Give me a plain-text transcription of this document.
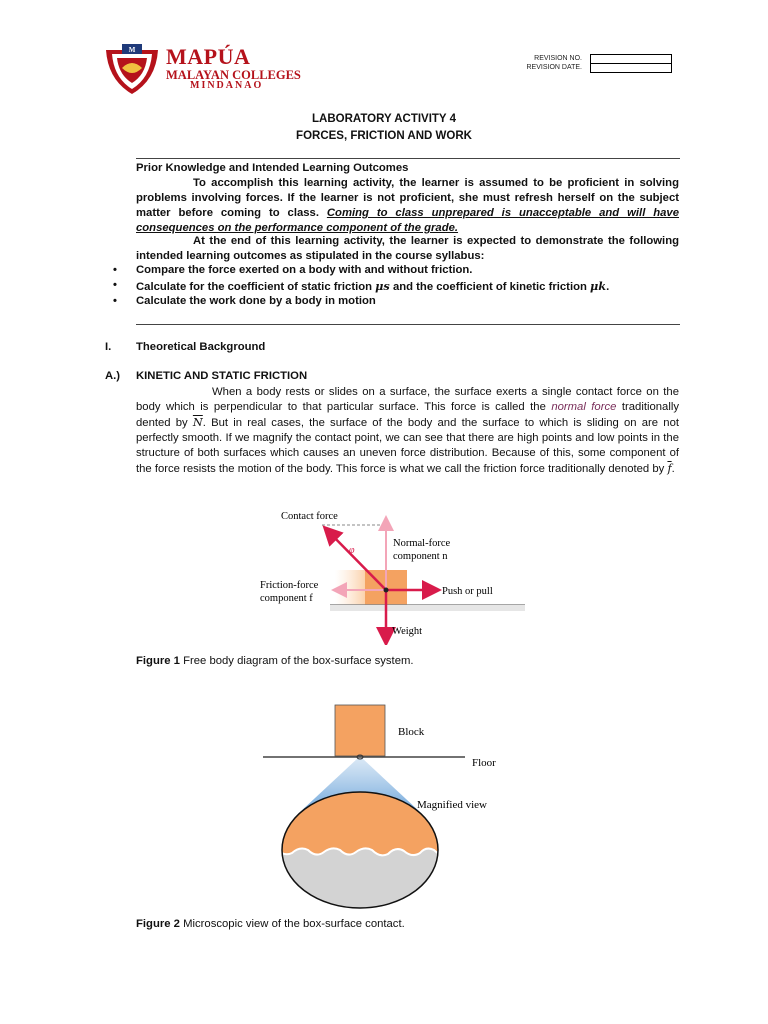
M
1925
MAPÚA
MALAYAN COLLEGES
MINDANAO
REVISION NO.
REVISION DATE.
LABORATORY ACTIVITY 4
FORCES, FRICTION AND WORK
Prior Knowledge and Intended Learning Outcomes
To accomplish this learning activity, the learner is assumed to be proficient in solving problems involving forces. If the learner is not proficient, she must refresh herself on the subject matter before coming to class. Coming to class unprepared is unacceptable and will have consequences on the performance component of the grade.
At the end of this learning activity, the learner is expected to demonstrate the following intended learning outcomes as stipulated in the course syllabus:
• Compare the force exerted on a body with and without friction.
• Calculate for the coefficient of static friction μs and the coefficient of kinetic friction μk.
• Calculate the work done by a body in motion
I. Theoretical Background
A.) KINETIC AND STATIC FRICTION
When a body rests or slides on a surface, the surface exerts a single contact force on the body which is perpendicular to that particular surface. This force is called the normal force traditionally dented by $\overline{N}$. But in real cases, the surface of the body and the surface to which is sliding on are not perfectly smooth. If we magnify the contact point, we can see that there are high points and low points in the structure of both surfaces which causes an uneven force distribution. Because of this, some component of the force resists the motion of the body. This force is what we call the friction force traditionally denoted by $\overline{f}$.
Contact force
φ
Normal-force
component n
Friction-force
component f
Push or pull
Weight
Figure 1 Free body diagram of the box-surface system.
Block
Floor
Magnified view
Figure 2 Microscopic view of the box-surface contact.
